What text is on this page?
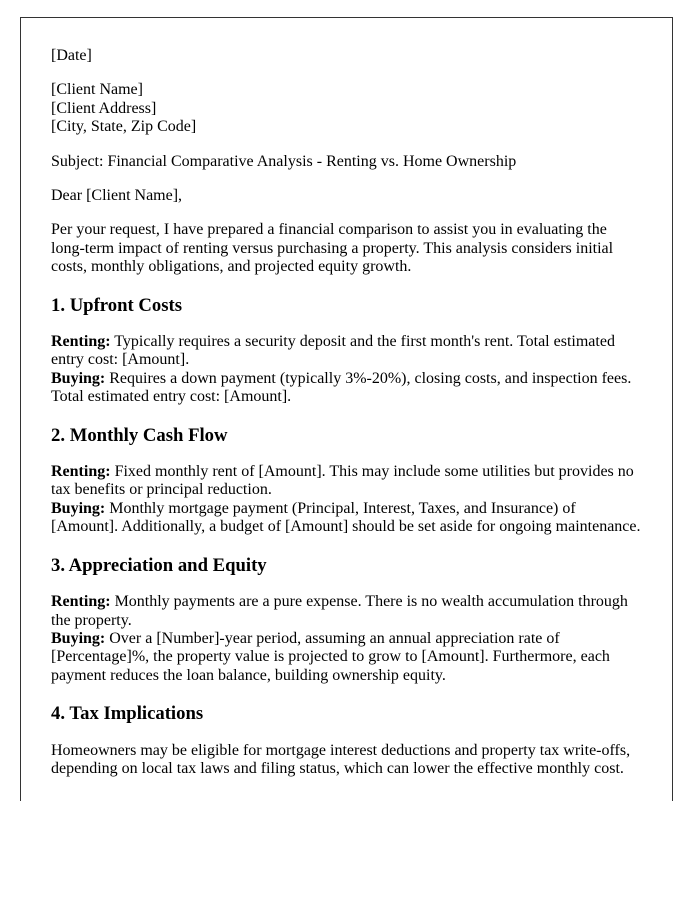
[Date]

[Client Name]
[Client Address]
[City, State, Zip Code]

Subject: Financial Comparative Analysis - Renting vs. Home Ownership

Dear [Client Name],

Per your request, I have prepared a financial comparison to assist you in evaluating the long-term impact of renting versus purchasing a property. This analysis considers initial costs, monthly obligations, and projected equity growth.

1. Upfront Costs

Renting: Typically requires a security deposit and the first month's rent. Total estimated entry cost: [Amount].
Buying: Requires a down payment (typically 3%-20%), closing costs, and inspection fees. Total estimated entry cost: [Amount].

2. Monthly Cash Flow

Renting: Fixed monthly rent of [Amount]. This may include some utilities but provides no tax benefits or principal reduction.
Buying: Monthly mortgage payment (Principal, Interest, Taxes, and Insurance) of [Amount]. Additionally, a budget of [Amount] should be set aside for ongoing maintenance.

3. Appreciation and Equity

Renting: Monthly payments are a pure expense. There is no wealth accumulation through the property.
Buying: Over a [Number]-year period, assuming an annual appreciation rate of [Percentage]%, the property value is projected to grow to [Amount]. Furthermore, each payment reduces the loan balance, building ownership equity.

4. Tax Implications

Homeowners may be eligible for mortgage interest deductions and property tax write-offs, depending on local tax laws and filing status, which can lower the effective monthly cost.
